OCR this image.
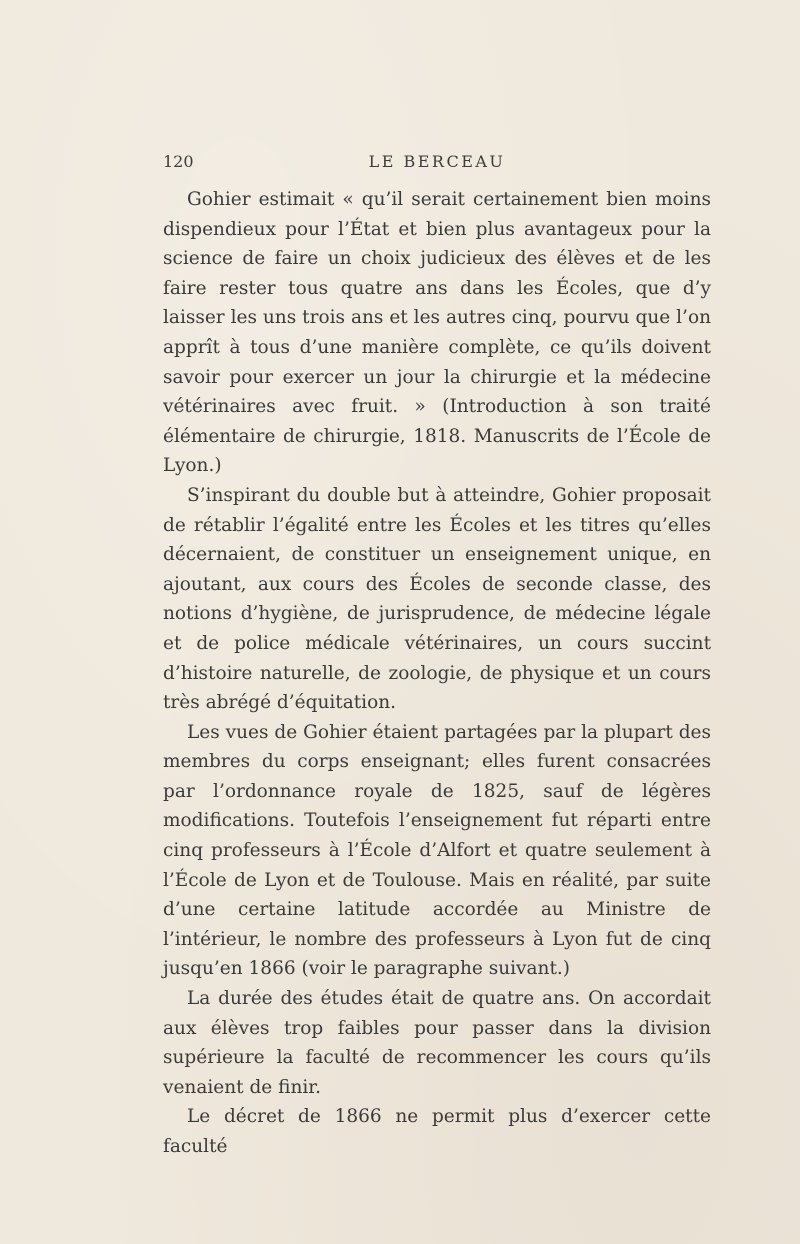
120	LE BERCEAU

Gohier estimait « qu’il serait certainement bien moins dispendieux pour l’État et bien plus avantageux pour la science de faire un choix judicieux des élèves et de les faire rester tous quatre ans dans les Écoles, que d’y laisser les uns trois ans et les autres cinq, pourvu que l’on apprît à tous d’une manière complète, ce qu’ils doivent savoir pour exercer un jour la chirurgie et la médecine vétérinaires avec fruit. » (Introduction à son traité élémentaire de chirurgie, 1818. Manuscrits de l’École de Lyon.)

S’inspirant du double but à atteindre, Gohier proposait de rétablir l’égalité entre les Écoles et les titres qu’elles décernaient, de constituer un enseignement unique, en ajoutant, aux cours des Écoles de seconde classe, des notions d’hygiène, de jurisprudence, de médecine légale et de police médicale vétérinaires, un cours succint d’histoire naturelle, de zoologie, de physique et un cours très abrégé d’équitation.

Les vues de Gohier étaient partagées par la plupart des membres du corps enseignant; elles furent consacrées par l’ordonnance royale de 1825, sauf de légères modifications. Toutefois l’enseignement fut réparti entre cinq professeurs à l’École d’Alfort et quatre seulement à l’École de Lyon et de Toulouse. Mais en réalité, par suite d’une certaine latitude accordée au Ministre de l’intérieur, le nombre des professeurs à Lyon fut de cinq jusqu’en 1866 (voir le paragraphe suivant.)

La durée des études était de quatre ans. On accordait aux élèves trop faibles pour passer dans la division supérieure la faculté de recommencer les cours qu’ils venaient de finir.

Le décret de 1866 ne permit plus d’exercer cette faculté
